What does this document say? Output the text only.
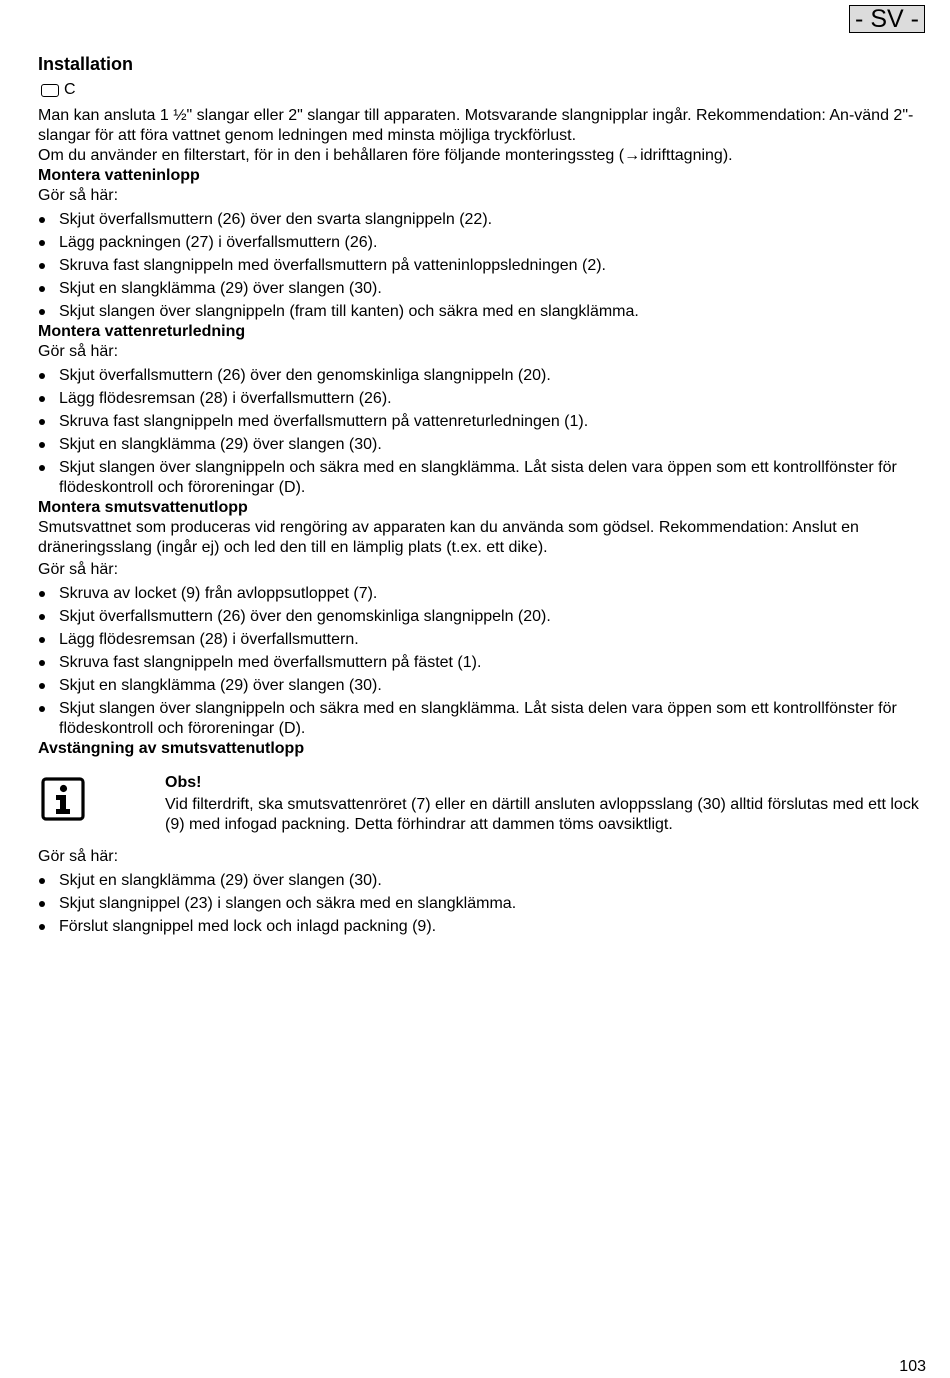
- SV -
Installation
C

Man kan ansluta 1 ½" slangar eller 2" slangar till apparaten. Motsvarande slangnipplar ingår. Rekommendation: An-vänd 2"-slangar för att föra vattnet genom ledningen med minsta möjliga tryckförlust.

Om du använder en filterstart, för in den i behållaren före följande monteringssteg (→idrifttagning).

Montera vatteninlopp

Gör så här:

Skjut överfallsmuttern (26) över den svarta slangnippeln (22).
Lägg packningen (27) i överfallsmuttern (26).
Skruva fast slangnippeln med överfallsmuttern på vatteninloppsledningen (2).
Skjut en slangklämma (29) över slangen (30).
Skjut slangen över slangnippeln (fram till kanten) och säkra med en slangklämma.
Montera vattenreturledning

Gör så här:

Skjut överfallsmuttern (26) över den genomskinliga slangnippeln (20).
Lägg flödesremsan (28) i överfallsmuttern (26).
Skruva fast slangnippeln med överfallsmuttern på vattenreturledningen (1).
Skjut en slangklämma (29) över slangen (30).
Skjut slangen över slangnippeln och säkra med en slangklämma. Låt sista delen vara öppen som ett kontrollfönster för flödeskontroll och föroreningar (D).
Montera smutsvattenutlopp

Smutsvattnet som produceras vid rengöring av apparaten kan du använda som gödsel. Rekommendation: Anslut en dräneringsslang (ingår ej) och led den till en lämplig plats (t.ex. ett dike).

Gör så här:

Skruva av locket (9) från avloppsutloppet (7).
Skjut överfallsmuttern (26) över den genomskinliga slangnippeln (20).
Lägg flödesremsan (28) i överfallsmuttern.
Skruva fast slangnippeln med överfallsmuttern på fästet (1).
Skjut en slangklämma (29) över slangen (30).
Skjut slangen över slangnippeln och säkra med en slangklämma. Låt sista delen vara öppen som ett kontrollfönster för flödeskontroll och föroreningar (D).
Avstängning av smutsvattenutlopp

Obs!

Vid filterdrift, ska smutsvattenröret (7) eller en därtill ansluten avloppsslang (30) alltid förslutas med ett lock (9) med infogad packning. Detta förhindrar att dammen töms oavsiktligt.

Gör så här:

Skjut en slangklämma (29) över slangen (30).
Skjut slangnippel (23) i slangen och säkra med en slangklämma.
Förslut slangnippel med lock och inlagd packning (9).
103
